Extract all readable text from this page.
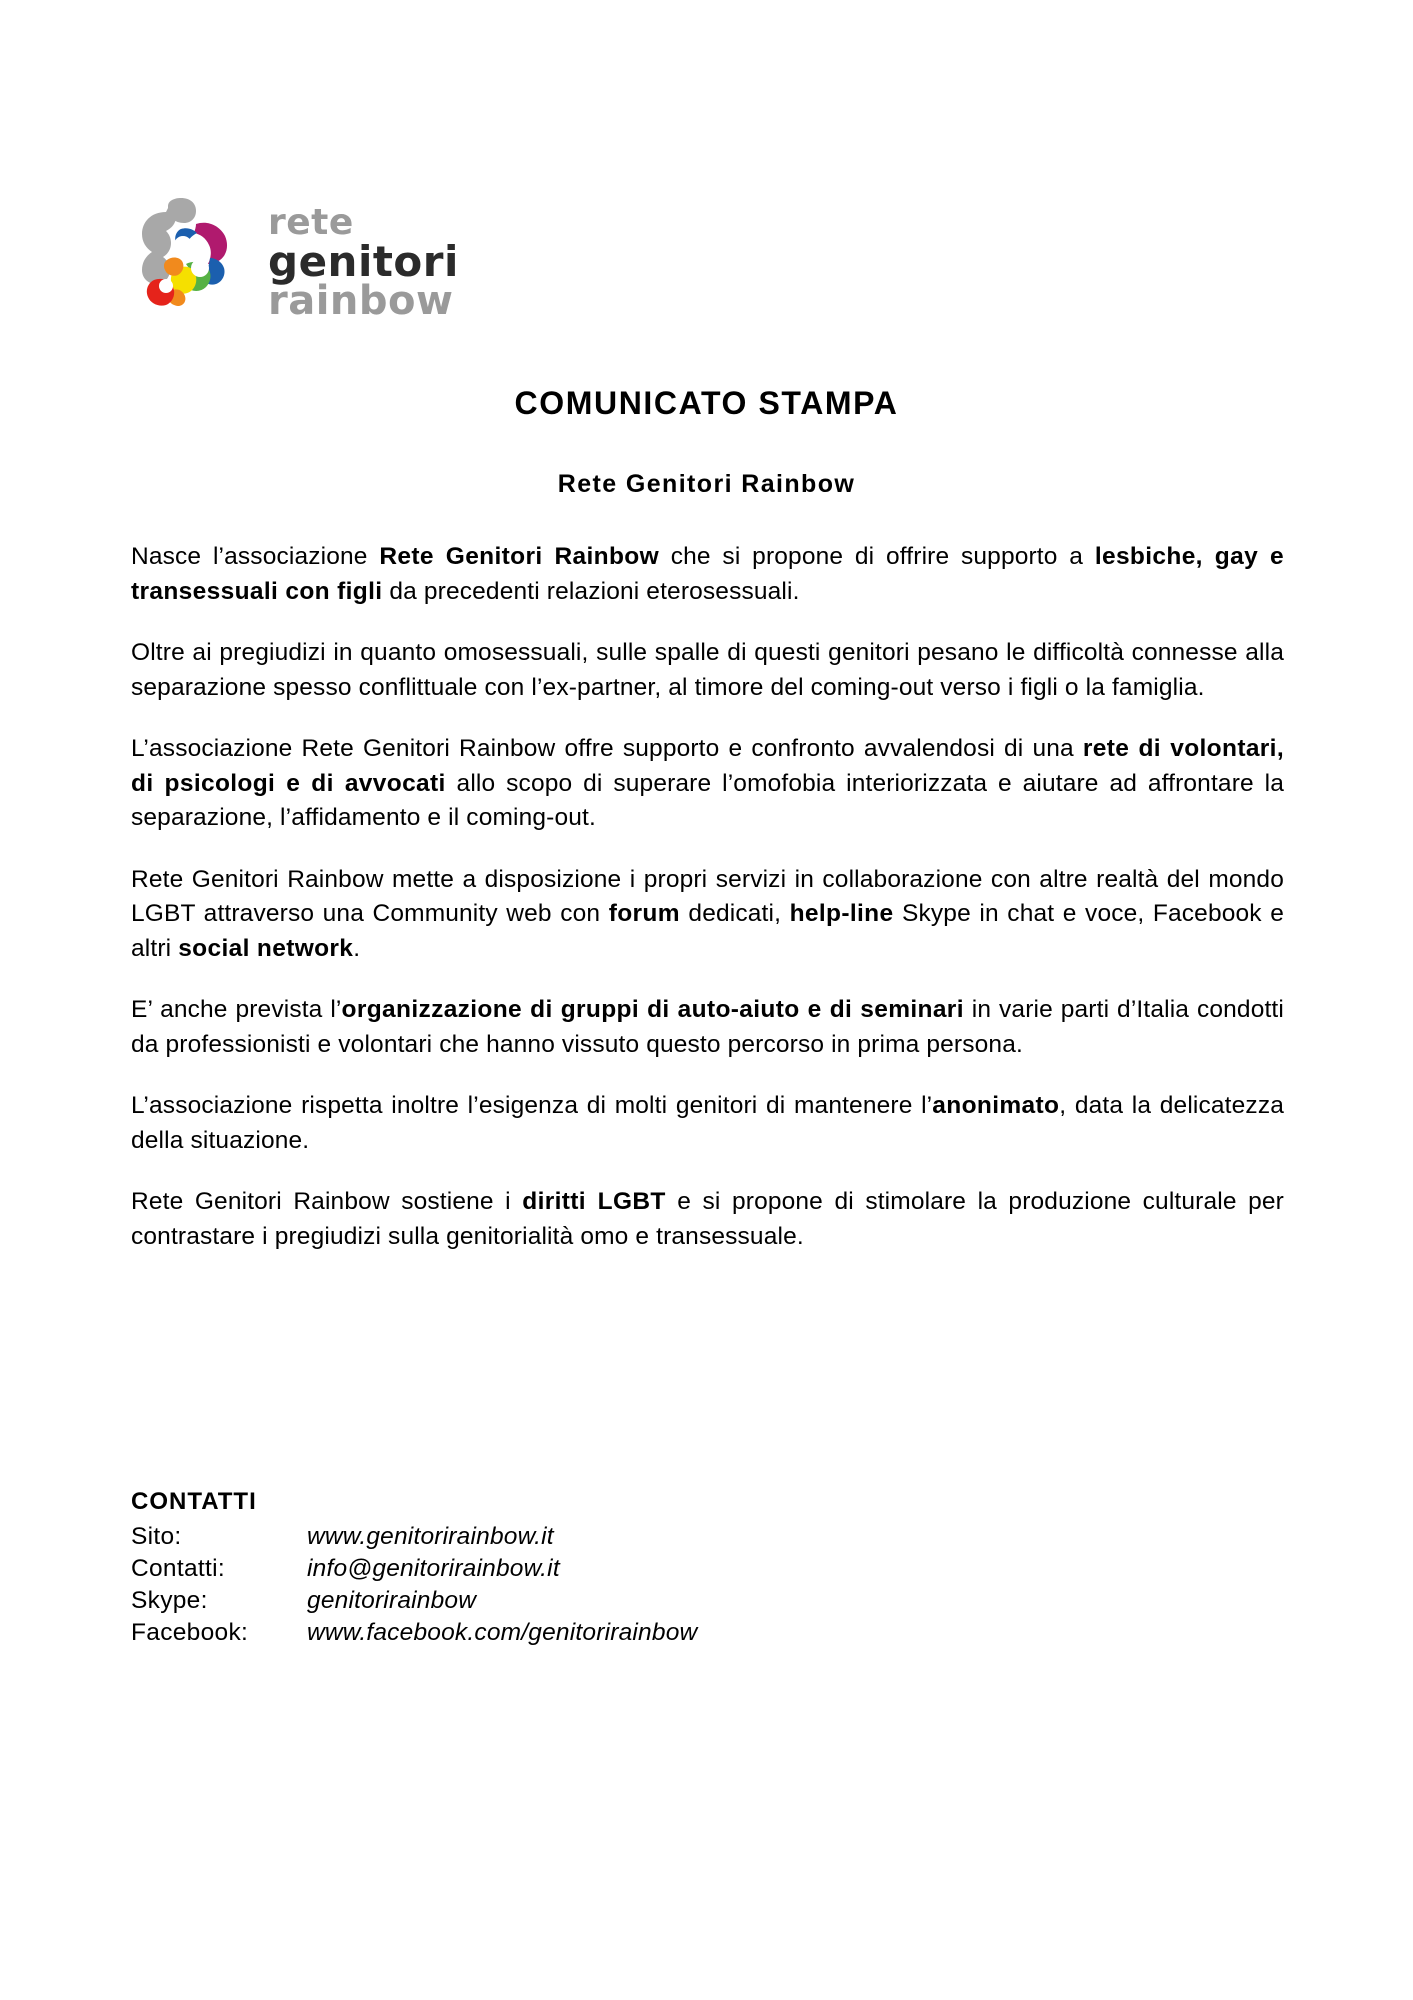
rete
genitori
rainbow
COMUNICATO STAMPA
Rete Genitori Rainbow

Nasce l’associazione Rete Genitori Rainbow che si propone di offrire supporto a lesbiche, gay e transessuali con figli da precedenti relazioni eterosessuali.

Oltre ai pregiudizi in quanto omosessuali, sulle spalle di questi genitori pesano le difficoltà connesse alla separazione spesso conflittuale con l’ex-partner, al timore del coming-out verso i figli o la famiglia.

L’associazione Rete Genitori Rainbow offre supporto e confronto avvalendosi di una rete di volontari, di psicologi e di avvocati allo scopo di superare l’omofobia interiorizzata e aiutare ad affrontare la separazione, l’affidamento e il coming-out.

Rete Genitori Rainbow mette a disposizione i propri servizi in collaborazione con altre realtà del mondo LGBT attraverso una Community web con forum dedicati, help-line Skype in chat e voce, Facebook e altri social network.

E’ anche prevista l’organizzazione di gruppi di auto-aiuto e di seminari in varie parti d’Italia condotti da professionisti e volontari che hanno vissuto questo percorso in prima persona.

L’associazione rispetta inoltre l’esigenza di molti genitori di mantenere l’anonimato, data la delicatezza della situazione.

Rete Genitori Rainbow sostiene i diritti LGBT e si propone di stimolare la produzione culturale per contrastare i pregiudizi sulla genitorialità omo e transessuale.

CONTATTI
Sito:	www.genitorirainbow.it
Contatti:	info@genitorirainbow.it
Skype:	genitorirainbow
Facebook:	www.facebook.com/genitorirainbow
